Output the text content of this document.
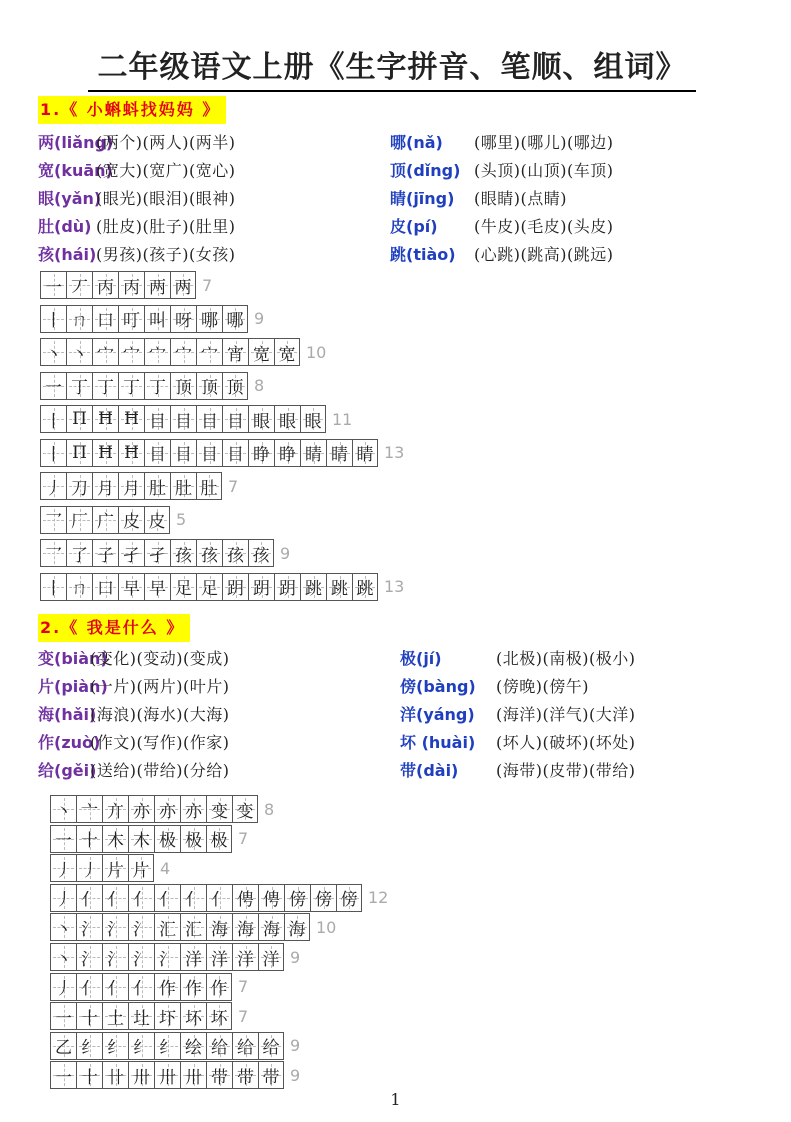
二年级语文上册《生字拼音、笔顺、组词》
1.《 小蝌蚪找妈妈 》
两(liǎng)
(两个)(两人)(两半)
宽(kuān)
(宽大)(宽广)(宽心)
眼(yǎn)
(眼光)(眼泪)(眼神)
肚(dù) (肚皮)(肚子)(肚里)
孩(hái) (男孩)(孩子)(女孩)
哪(nǎ) (哪里)(哪儿)(哪边)
顶(dǐng) (头顶)(山顶)(车顶)
睛(jīng) (眼睛)(点睛)
皮(pí) (牛皮)(毛皮)(头皮)
跳(tiào) (心跳)(跳高)(跳远)
一 丆 丙 丙 两 两 7
丨 ㄇ 口 叮 叫 呀 哪 哪 9
丶 丶 宀 宀 宀 宀 宀 宵 宽 宽 10
一 丁 丁 丁 丁 顶 顶 顶 8
丨 Π Ħ Ħ 目 目 目 目 眼 眼 眼 11
丨 Π Ħ Ħ 目 目 目 目 睁 睁 睛 睛 睛 13
丿 刀 月 月 肚 肚 肚 7
乛 厂 广 皮 皮 5
乛 了 子 孑 孑 孩 孩 孩 孩 9
丨 ㄇ 口 早 早 足 足 跀 跀 跀 跳 跳 跳 13
2.《 我是什么 》
变(biàn)
(变化)(变动)(变成)
片(piàn)
(一片)(两片)(叶片)
海(hǎi)
(海浪)(海水)(大海)
作(zuò)
(作文)(写作)(作家)
给(gěi)
(送给)(带给)(分给)
极(jí)	(北极)(南极)(极小)
傍(bàng) (傍晚)(傍午)
洋(yáng) (海洋)(洋气)(大洋)
坏 (huài) (坏人)(破坏)(坏处)
带(dài) (海带)(皮带)(带给)
丶 亠 亣 亦 亦 亦 变 变 8
一 十 木 木 极 极 极 7
丿 丿 片 片 4
丿 亻 亻 亻 亻 亻 亻 俜 俜 傍 傍 傍 12
丶 氵 氵 氵 汇 汇 海 海 海 海 10
丶 氵 氵 氵 氵 洋 洋 洋 洋 9
丿 亻 亻 亻 作 作 作 7
一 十 土 圵 圷 坏 坏 7
乙 纟 纟 纟 纟 绘 给 给 给 9
一 十 卄 卅 卅 卅 带 带 带 9
1
